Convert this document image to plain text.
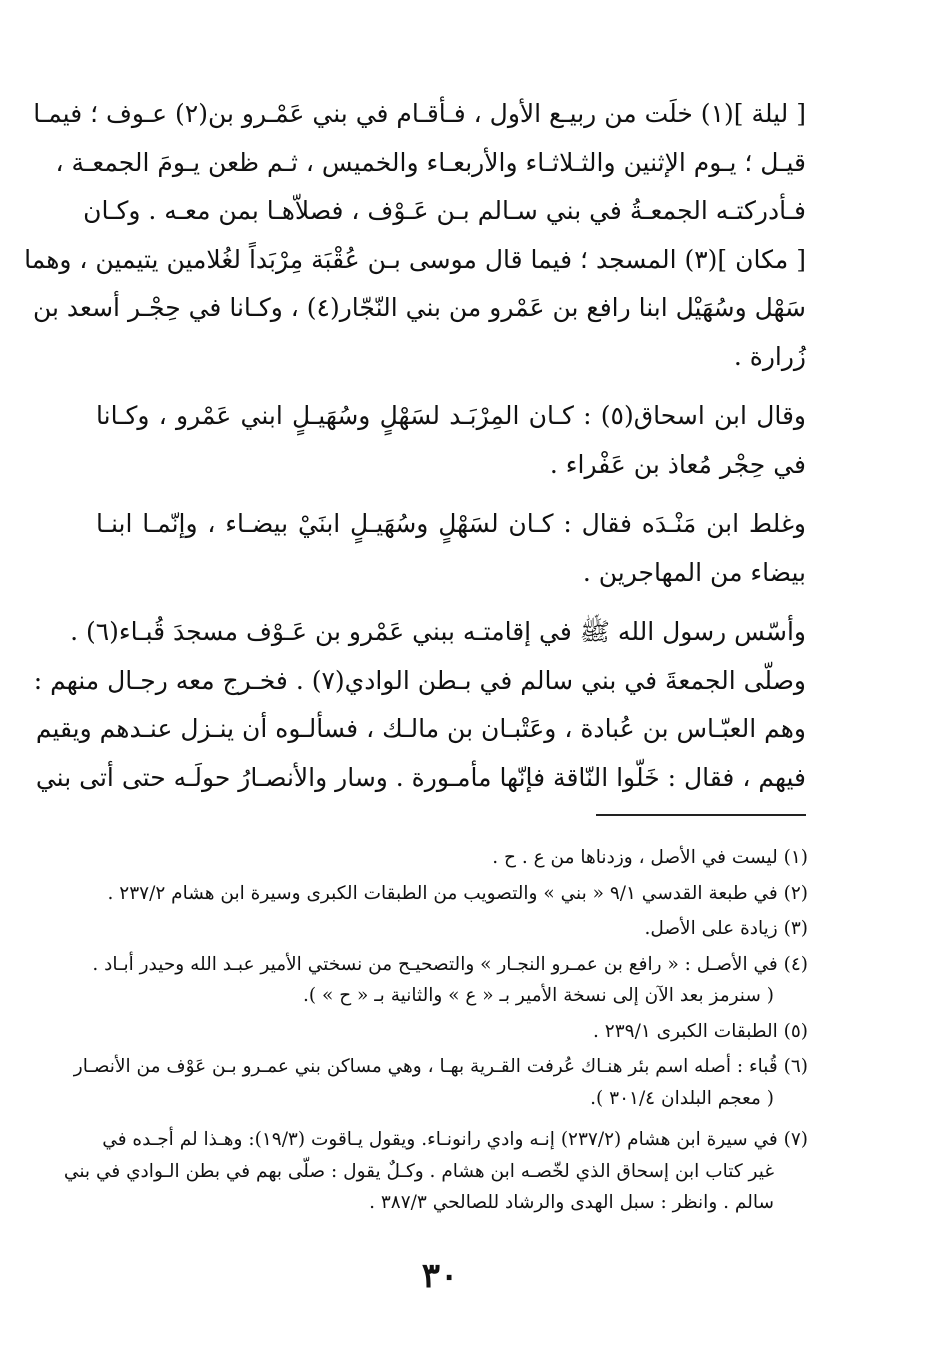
[ ليلة ](١) خلَت من ربيـع الأول ، فـأقـام في بني عَمْـرو بن(٢) عـوف ؛ فيمـا
قيـل ؛ يـوم الإثنين والثـلاثـاء والأربعـاء والخميس ، ثـم ظعن يـومَ الجمعـة ،
فـأدركتـه الجمعـةُ في بني سـالم بـن عَـوْف ، فصلاّهـا بمن معـه . وكـان
[ مكان ](٣) المسجد ؛ فيما قال موسى بـن عُقْبَة مِرْبَداً لغُلامين يتيمين ، وهما
سَهْل وسُهَيْل ابنا رافع بن عَمْرو من بني النّجّار(٤) ، وكـانا في حِجْـر أسعد بن
زُرارة .

وقال ابن اسحاق(٥) : كـان المِرْبَـد لسَهْلٍ وسُهَيـلٍ ابني عَمْرو ، وكـانا
في حِجْر مُعاذ بن عَفْراء .

وغلط ابن مَنْـدَه فقال : كـان لسَهْلٍ وسُهَيـلٍ ابنَيْ بيضـاء ، وإنّمـا ابنـا
بيضاء من المهاجرين .

وأسّس رسول الله ﷺ في إقامتـه ببني عَمْرو بن عَـوْف مسجدَ قُبـاء(٦) .
وصلّى الجمعةَ في بني سالم في بـطن الوادي(٧) . فخـرج معه رجـال منهم :
وهم العبّـاس بن عُبادة ، وعَتْبـان بن مالـك ، فسألـوه أن ينـزل عنـدهم ويقيم
فيهم ، فقال : خَلّوا النّاقة فإنّها مأمـورة . وسار والأنصـارُ حولَـه حتى أتى بني

(١) ليست في الأصل ، وزدناها من ع . ح .
(٢) في طبعة القدسي ٩/١ « بني » والتصويب من الطبقات الكبرى وسيرة ابن هشام ٢٣٧/٢ .
(٣) زيادة على الأصل.
(٤) في الأصـل : « رافع بن عمـرو النجـار » والتصحيـح من نسختي الأمير عبـد الله وحيدر أبـاد .
( سنرمز بعد الآن إلى نسخة الأمير بـ « ع » والثانية بـ « ح » ).
(٥) الطبقات الكبرى ٢٣٩/١ .
(٦) قُباء : أصله اسم بئر هنـاك عُرفت القـرية بهـا ، وهي مساكن بني عمـرو بـن عَوْف من الأنصـار
( معجم البلدان ٣٠١/٤ ).
(٧) في سيرة ابن هشام (٢٣٧/٢) إنـه وادي رانونـاء. ويقول يـاقوت (١٩/٣): وهـذا لم أجـده في
غير كتاب ابن إسحاق الذي لخّصـه ابن هشام . وكـلٌ يقول : صلّى بهم في بطن الـوادي في بني
سالم . وانظر : سبل الهدى والرشاد للصالحي ٣٨٧/٣ .
٣٠
